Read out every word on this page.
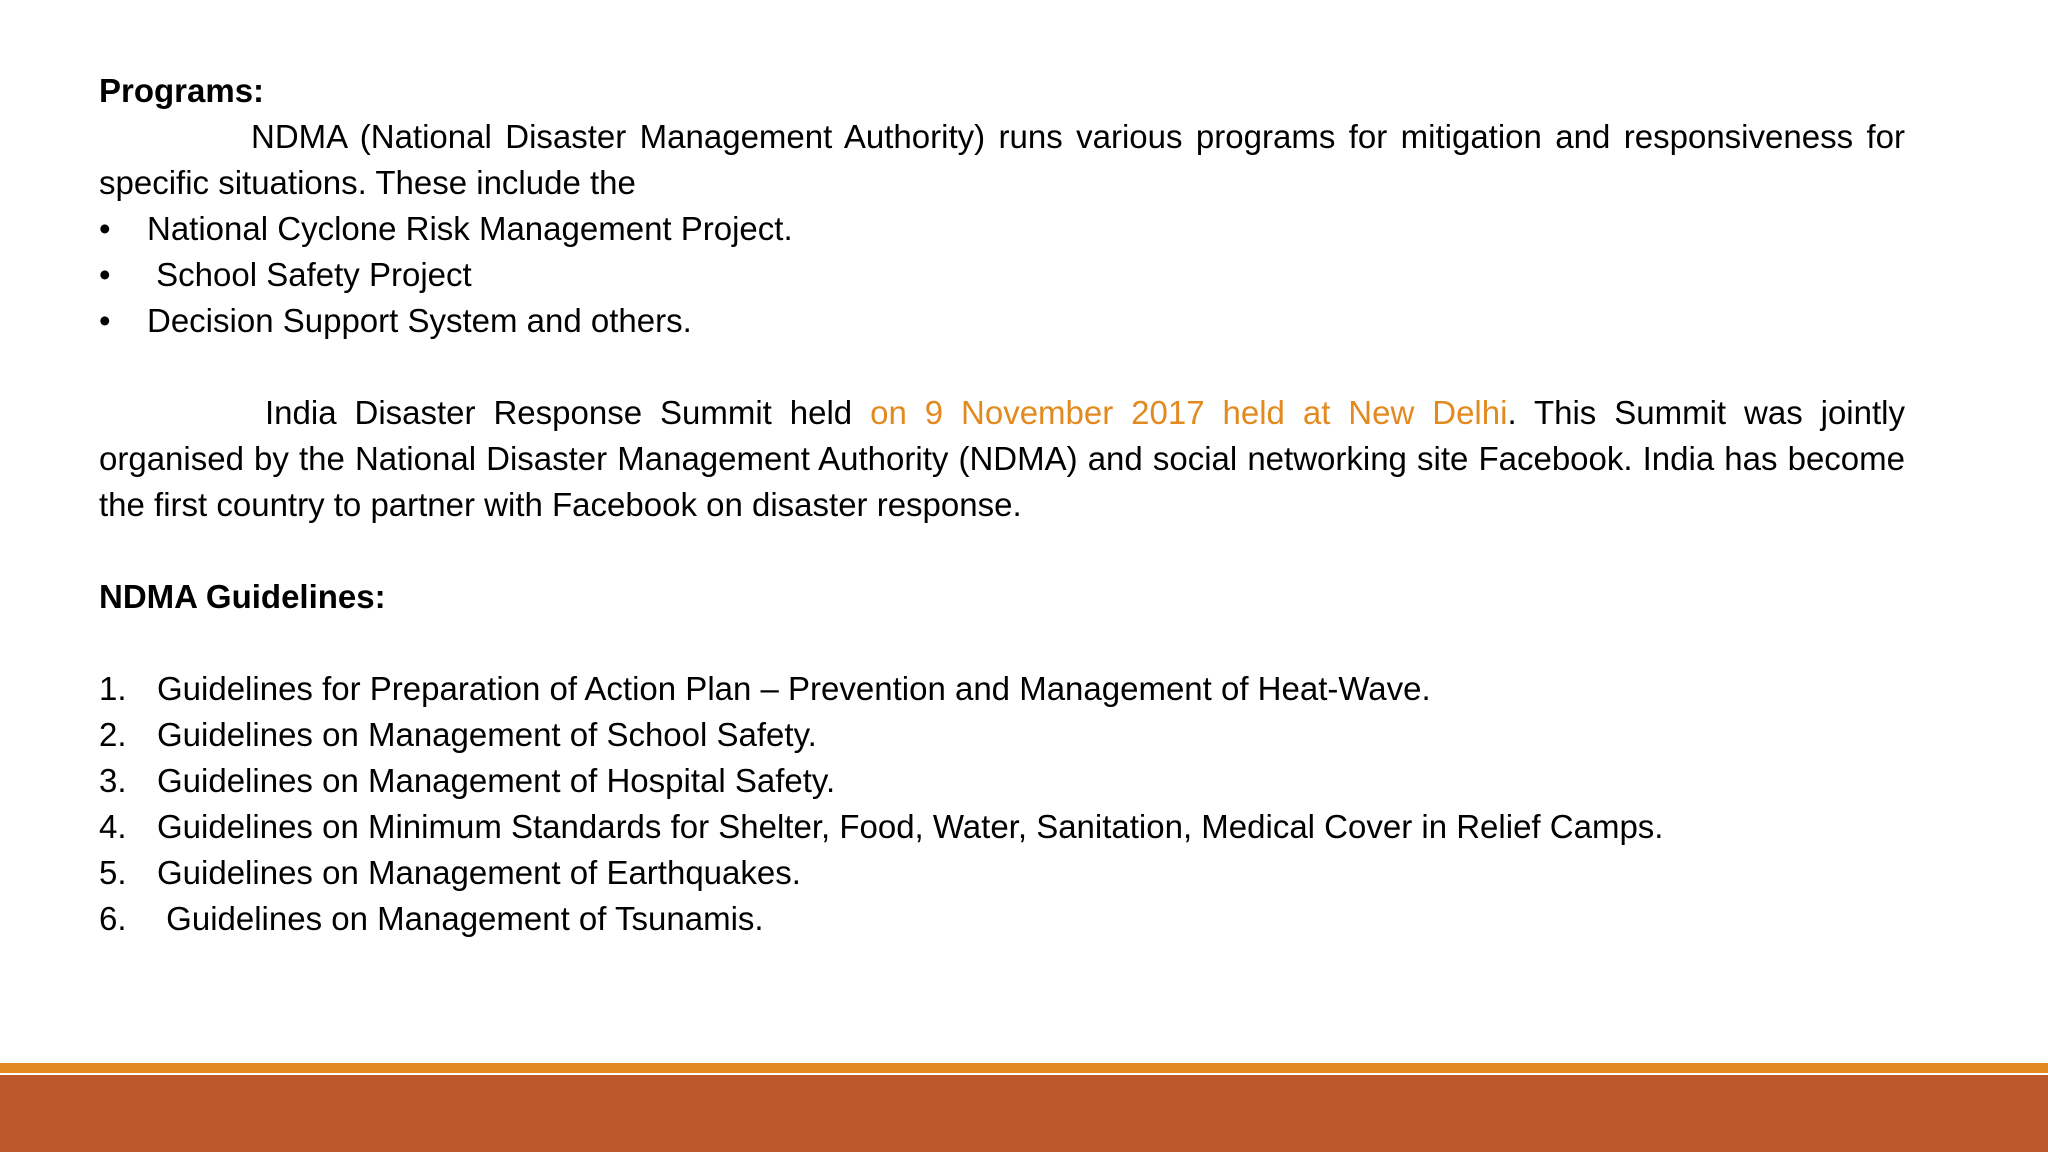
Programs:

NDMA (National Disaster Management Authority) runs various programs for mitigation and responsiveness for specific situations. These include the

• National Cyclone Risk Management Project.
• School Safety Project
• Decision Support System and others.

India Disaster Response Summit held on 9 November 2017 held at New Delhi. This Summit was jointly organised by the National Disaster Management Authority (NDMA) and social networking site Facebook. India has become the first country to partner with Facebook on disaster response.

NDMA Guidelines:

1. Guidelines for Preparation of Action Plan – Prevention and Management of Heat-Wave.
2. Guidelines on Management of School Safety.
3. Guidelines on Management of Hospital Safety.
4. Guidelines on Minimum Standards for Shelter, Food, Water, Sanitation, Medical Cover in Relief Camps.
5. Guidelines on Management of Earthquakes.
6. Guidelines on Management of Tsunamis.
